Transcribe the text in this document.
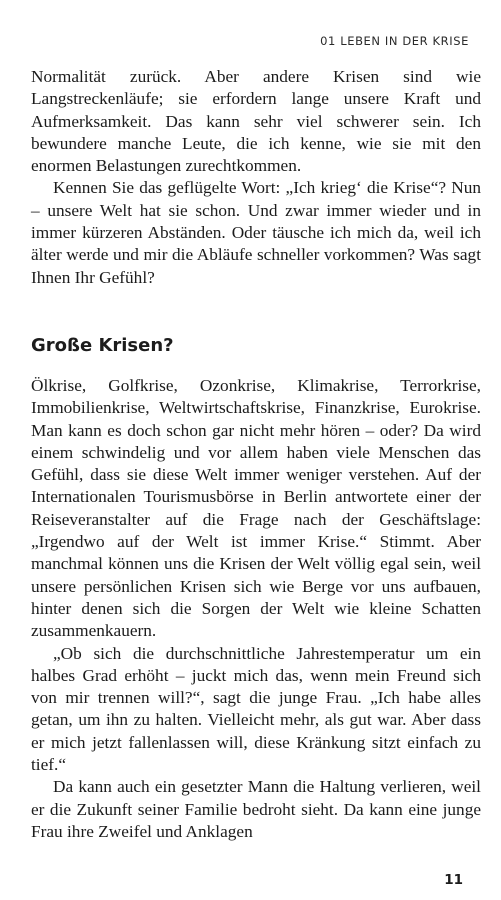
01 LEBEN IN DER KRISE

Normalität zurück. Aber andere Krisen sind wie Langstreckenläufe; sie erfordern lange unsere Kraft und Aufmerksamkeit. Das kann sehr viel schwerer sein. Ich bewundere manche Leute, die ich kenne, wie sie mit den enormen Belastungen zurechtkommen.

Kennen Sie das geflügelte Wort: „Ich krieg‘ die Krise“? Nun – unsere Welt hat sie schon. Und zwar immer wieder und in immer kürzeren Abständen. Oder täusche ich mich da, weil ich älter werde und mir die Abläufe schneller vorkommen? Was sagt Ihnen Ihr Gefühl?

Große Krisen?

Ölkrise, Golfkrise, Ozonkrise, Klimakrise, Terrorkrise, Immobilienkrise, Weltwirtschaftskrise, Finanzkrise, Eurokrise. Man kann es doch schon gar nicht mehr hören – oder? Da wird einem schwindelig und vor allem haben viele Menschen das Gefühl, dass sie diese Welt immer weniger verstehen. Auf der Internationalen Tourismusbörse in Berlin antwortete einer der Reiseveranstalter auf die Frage nach der Geschäftslage: „Irgendwo auf der Welt ist immer Krise.“ Stimmt. Aber manchmal können uns die Krisen der Welt völlig egal sein, weil unsere persönlichen Krisen sich wie Berge vor uns aufbauen, hinter denen sich die Sorgen der Welt wie kleine Schatten zusammenkauern.

„Ob sich die durchschnittliche Jahrestemperatur um ein halbes Grad erhöht – juckt mich das, wenn mein Freund sich von mir trennen will?“, sagt die junge Frau. „Ich habe alles getan, um ihn zu halten. Vielleicht mehr, als gut war. Aber dass er mich jetzt fallenlassen will, diese Kränkung sitzt einfach zu tief.“

Da kann auch ein gesetzter Mann die Haltung verlieren, weil er die Zukunft seiner Familie bedroht sieht. Da kann eine junge Frau ihre Zweifel und Anklagen

11
